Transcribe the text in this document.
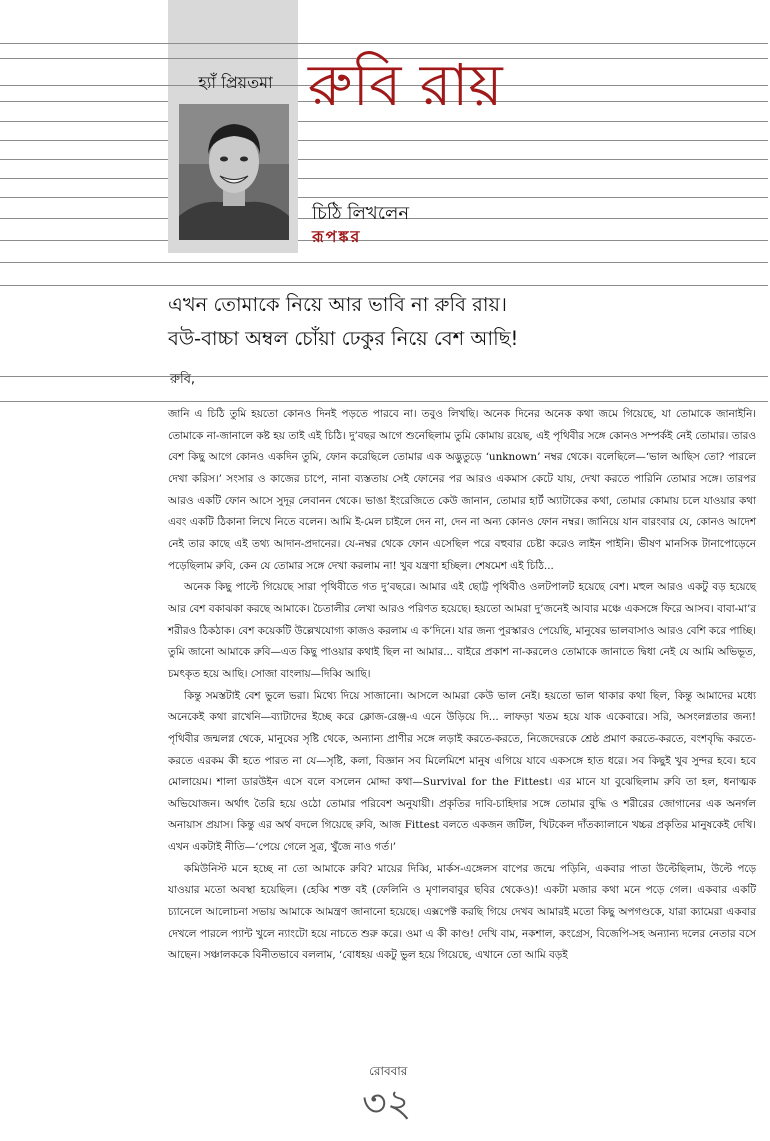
হ্যাঁ প্রিয়তমা রুবি রায়
চিঠি লিখলেন
রূপঙ্কর
এখন তোমাকে নিয়ে আর ভাবি না রুবি রায়।
বউ-বাচ্চা অম্বল চোঁয়া ঢেকুর নিয়ে বেশ আছি!
রুবি,

জানি এ চিঠি তুমি হয়তো কোনও দিনই পড়তে পারবে না। তবুও লিখছি। অনেক দিনের অনেক কথা জমে গিয়েছে, যা তোমাকে জানাইনি। তোমাকে না-জানালে কষ্ট হয় তাই এই চিঠি। দু’বছর আগে শুনেছিলাম তুমি কোমায় রয়েছ, এই পৃথিবীর সঙ্গে কোনও সম্পর্কই নেই তোমার। তারও বেশ কিছু আগে কোনও একদিন তুমি, ফোন করেছিলে তোমার এক অদ্ভুতুড়ে ‘unknown’ নম্বর থেকে। বলেছিলে—‘ভাল আছিস তো? পারলে দেখা করিস।’ সংসার ও কাজের চাপে, নানা ব্যস্ততায় সেই ফোনের পর আরও একমাস কেটে যায়, দেখা করতে পারিনি তোমার সঙ্গে। তারপর আরও একটি ফোন আসে সুদূর লেবানন থেকে। ভাঙা ইংরেজিতে কেউ জানান, তোমার হার্ট অ্যাটাকের কথা, তোমার কোমায় চলে যাওয়ার কথা এবং একটি ঠিকানা লিখে নিতে বলেন। আমি ই-মেল চাইলে দেন না, দেন না অন্য কোনও ফোন নম্বর। জানিয়ে যান বারংবার যে, কোনও আদেশ নেই তার কাছে এই তথ্য আদান-প্রদানের। যে-নম্বর থেকে ফোন এসেছিল পরে বহুবার চেষ্টা করেও লাইন পাইনি। ভীষণ মানসিক টানাপোড়েনে পড়েছিলাম রুবি, কেন যে তোমার সঙ্গে দেখা করলাম না! খুব যন্ত্রণা হচ্ছিল। শেষমেশ এই চিঠি...

অনেক কিছু পাল্টে গিয়েছে সারা পৃথিবীতে গত দু’বছরে। আমার এই ছোট্ট পৃথিবীও ওলটপালট হয়েছে বেশ। মহুল আরও একটু বড় হয়েছে আর বেশ বকাঝকা করছে আমাকে। চৈতালীর লেখা আরও পরিণত হয়েছে। হয়তো আমরা দু’জনেই আবার মঞ্চে একসঙ্গে ফিরে আসব। বাবা-মা’র শরীরও ঠিকঠাক। বেশ কয়েকটি উল্লেখযোগ্য কাজও করলাম এ ক’দিনে। যার জন্য পুরস্কারও পেয়েছি, মানুষের ভালবাসাও আরও বেশি করে পাচ্ছি। তুমি জানো আমাকে রুবি—এত কিছু পাওয়ার কথাই ছিল না আমার... বাইরে প্রকাশ না-করলেও তোমাকে জানাতে দ্বিধা নেই যে আমি অভিভূত, চমৎকৃত হয়ে আছি। সোজা বাংলায়—দিব্বি আছি।

কিন্তু সমস্তটাই বেশ ভুলে ভরা। মিথ্যে দিয়ে সাজানো। আসলে আমরা কেউ ভাল নেই। হয়তো ভাল থাকার কথা ছিল, কিন্তু আমাদের মধ্যে অনেকেই কথা রাখেনি—ব্যাটাদের ইচ্ছে করে ক্লোজ-রেঞ্জ-এ এনে উড়িয়ে দি... লাফড়া খতম হয়ে যাক একেবারে। সরি, অসংলগ্নতার জন্য! পৃথিবীর জন্মলগ্ন থেকে, মানুষের সৃষ্টি থেকে, অন্যান্য প্রাণীর সঙ্গে লড়াই করতে-করতে, নিজেদেরকে শ্রেষ্ঠ প্রমাণ করতে-করতে, বংশবৃদ্ধি করতে-করতে এরকম কী হতে পারত না যে—সৃষ্টি, কলা, বিজ্ঞান সব মিলেমিশে মানুষ এগিয়ে যাবে একসঙ্গে হাত ধরে। সব কিছুই খুব সুন্দর হবে। হবে মোলায়েম। শালা ডারউইন এসে বলে বসলেন মোদ্দা কথা—Survival for the Fittest। এর মানে যা বুঝেছিলাম রুবি তা হল, ধনাত্মক অভিযোজন। অর্থাৎ তৈরি হয়ে ওঠো তোমার পরিবেশ অনুযায়ী। প্রকৃতির দাবি-চাহিদার সঙ্গে তোমার বুদ্ধি ও শরীরের জোগানের এক অনর্গল অনায়াস প্রয়াস। কিন্তু এর অর্থ বদলে গিয়েছে রুবি, আজ Fittest বলতে একজন জটিল, খিটকেল দাঁতক্যালানে খচ্চর প্রকৃতির মানুষকেই দেখি। এখন একটাই নীতি—‘পেয়ে গেলে সুত্র, খুঁজে নাও গর্ত।’

কমিউনিস্ট মনে হচ্ছে না তো আমাকে রুবি? মায়ের দিব্বি, মার্কস-এঙ্গেলস বাপের জন্মে পড়িনি, একবার পাতা উল্টেছিলাম, উল্টে পড়ে যাওয়ার মতো অবস্থা হয়েছিল। (হেব্বি শক্ত বই (ফেলিনি ও মৃণালবাবুর ছবির থেকেও)! একটা মজার কথা মনে পড়ে গেল। একবার একটি চ্যানেলে আলোচনা সভায় আমাকে আমন্ত্রণ জানানো হয়েছে। এক্সপেক্ট করছি গিয়ে দেখব আমারই মতো কিছু অপগণ্ডকে, যারা ক্যামেরা একবার দেখলে পারলে প্যান্ট খুলে ন্যাংটো হয়ে নাচতে শুরু করে। ওমা এ কী কাণ্ড! দেখি বাম, নকশাল, কংগ্রেস, বিজেপি-সহ অন্যান্য দলের নেতার বসে আছেন। সঞ্চালককে বিনীতভাবে বললাম, ‘বোধহয় একটু ভুল হয়ে গিয়েছে, এখানে তো আমি বড়ই

রোববার
৩২
